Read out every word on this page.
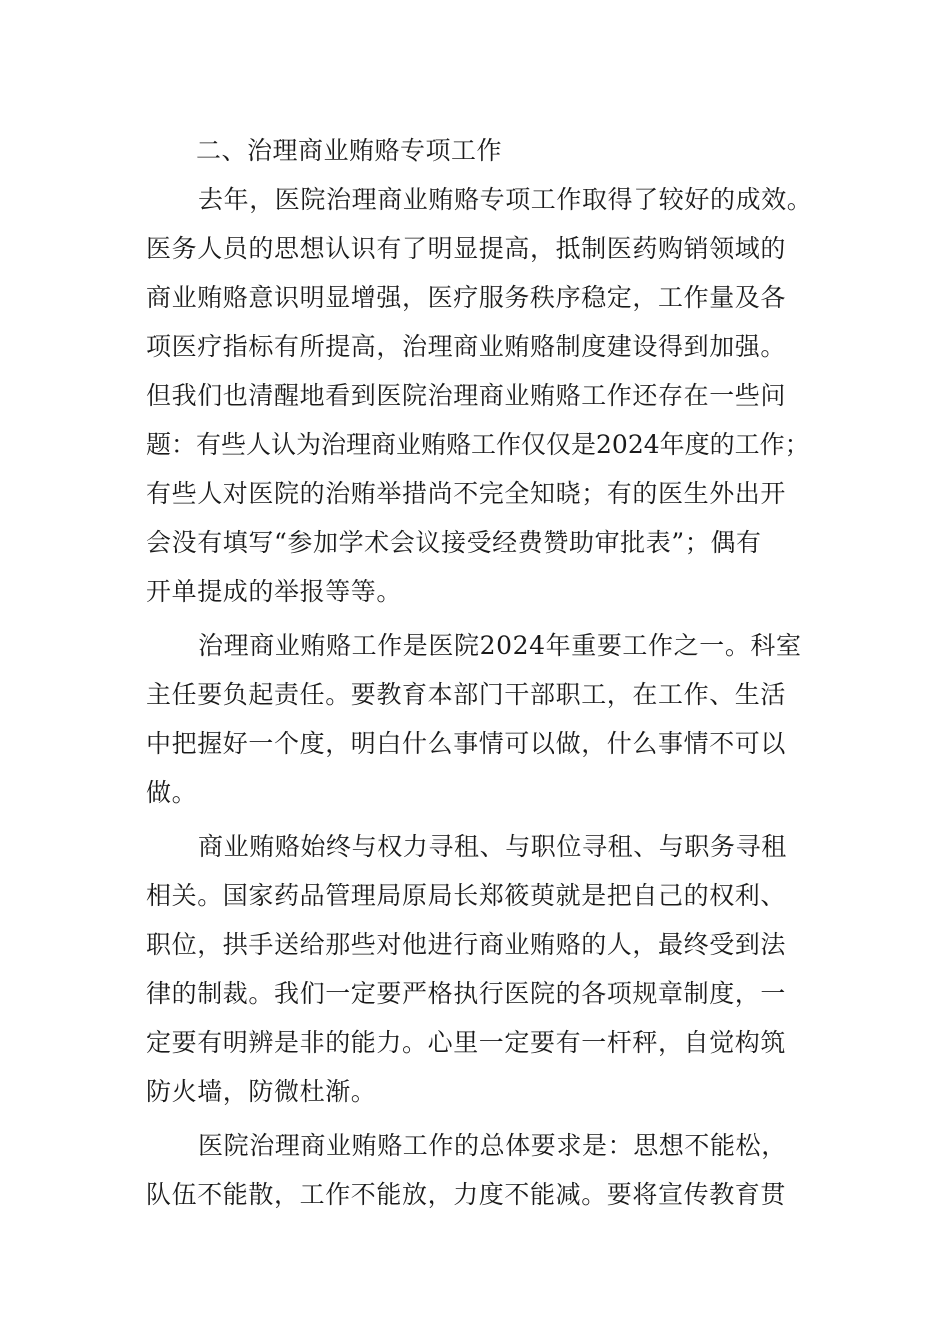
二、治理商业贿赂专项工作
去年，医院治理商业贿赂专项工作取得了较好的成效。
医务人员的思想认识有了明显提高，抵制医药购销领域的
商业贿赂意识明显增强，医疗服务秩序稳定，工作量及各
项医疗指标有所提高，治理商业贿赂制度建设得到加强。
但我们也清醒地看到医院治理商业贿赂工作还存在一些问
题：有些人认为治理商业贿赂工作仅仅是2024年度的工作；
有些人对医院的治贿举措尚不完全知晓；有的医生外出开
会没有填写“参加学术会议接受经费赞助审批表”；偶有
开单提成的举报等等。
治理商业贿赂工作是医院2024年重要工作之一。科室
主任要负起责任。要教育本部门干部职工，在工作、生活
中把握好一个度，明白什么事情可以做，什么事情不可以
做。
商业贿赂始终与权力寻租、与职位寻租、与职务寻租
相关。国家药品管理局原局长郑筱萸就是把自己的权利、
职位，拱手送给那些对他进行商业贿赂的人，最终受到法
律的制裁。我们一定要严格执行医院的各项规章制度，一
定要有明辨是非的能力。心里一定要有一杆秤，自觉构筑
防火墙，防微杜渐。
医院治理商业贿赂工作的总体要求是：思想不能松，
队伍不能散，工作不能放，力度不能减。要将宣传教育贯
